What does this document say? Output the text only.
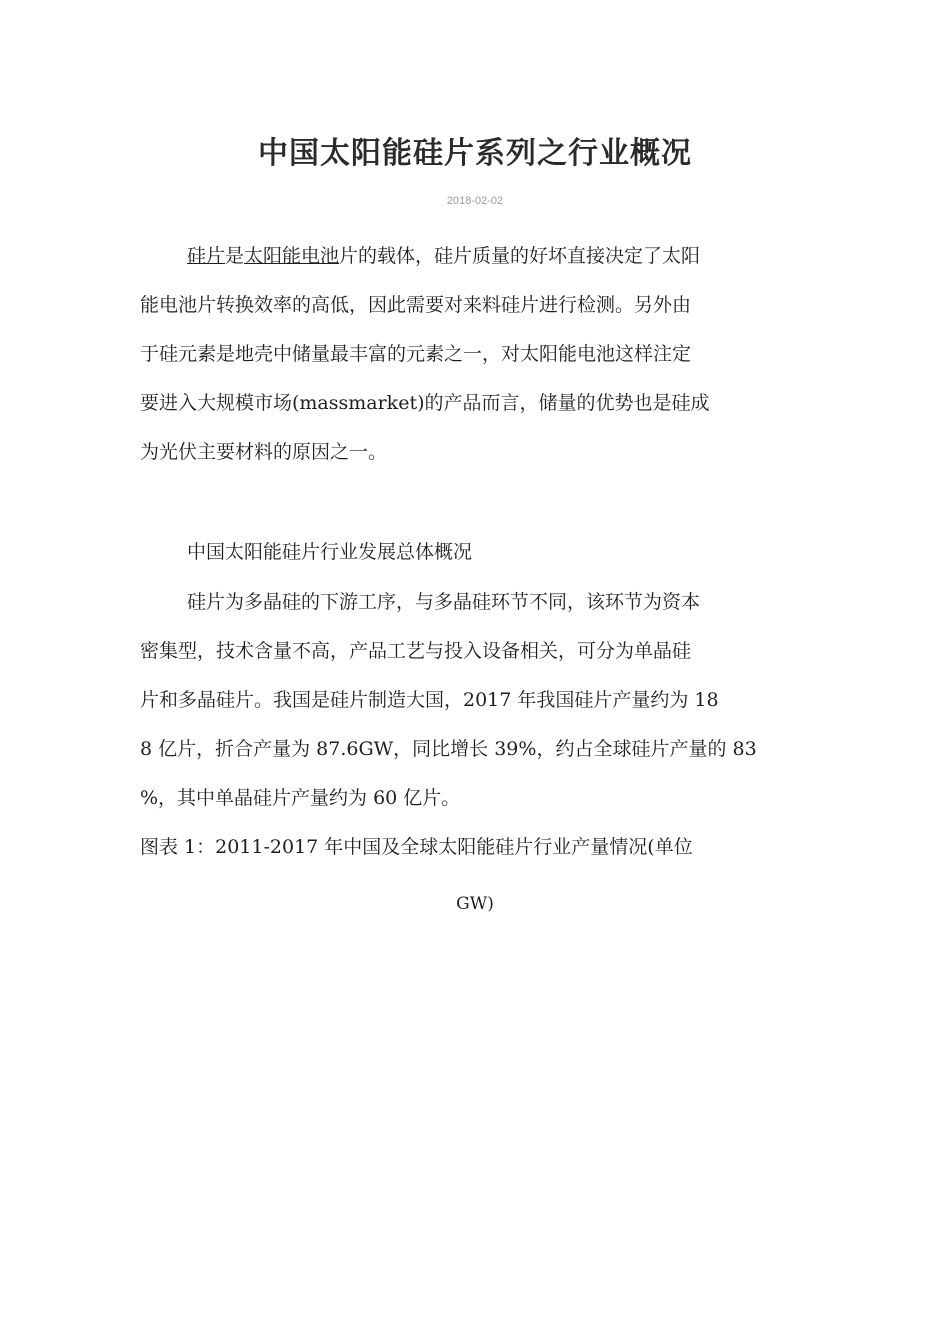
中国太阳能硅片系列之行业概况
2018-02-02
硅片是太阳能电池片的载体，硅片质量的好坏直接决定了太阳
能电池片转换效率的高低，因此需要对来料硅片进行检测。另外由
于硅元素是地壳中储量最丰富的元素之一，对太阳能电池这样注定
要进入大规模市场(massmarket)的产品而言，储量的优势也是硅成
为光伏主要材料的原因之一。
中国太阳能硅片行业发展总体概况
硅片为多晶硅的下游工序，与多晶硅环节不同，该环节为资本
密集型，技术含量不高，产品工艺与投入设备相关，可分为单晶硅
片和多晶硅片。我国是硅片制造大国，2017 年我国硅片产量约为 18
8 亿片，折合产量为 87.6GW，同比增长 39%，约占全球硅片产量的 83
%，其中单晶硅片产量约为 60 亿片。
图表 1：2011-2017 年中国及全球太阳能硅片行业产量情况(单位
GW)
